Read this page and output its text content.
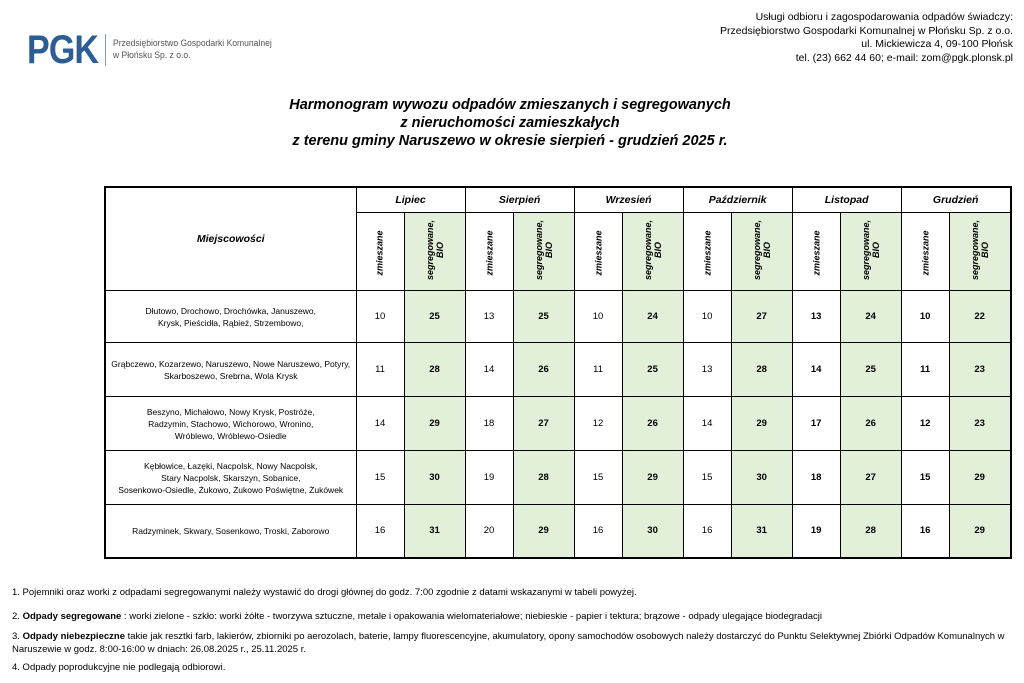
PGK Przedsiębiorstwo Gospodarki Komunalnej
w Płońsku Sp. z o.o.
Usługi odbioru i zagospodarowania odpadów świadczy:
Przedsiębiorstwo Gospodarki Komunalnej w Płońsku Sp. z o.o.
ul. Mickiewicza 4, 09-100 Płońsk
tel. (23) 662 44 60; e-mail: zom@pgk.plonsk.pl
Harmonogram wywozu odpadów zmieszanych i segregowanych
z nieruchomości zamieszkałych
z terenu gminy Naruszewo w okresie sierpień - grudzień 2025 r.
Miejscowości	Lipiec		Sierpień		Wrzesień		Październik		Listopad		Grudzień	
	zmieszane	segregowane, BIO	zmieszane	segregowane, BIO	zmieszane	segregowane, BIO	zmieszane	segregowane, BIO	zmieszane	segregowane, BIO	zmieszane	segregowane, BIO

Dłutowo, Drochowo, Drochówka, Januszewo,
Krysk, Pieścidła, Rąbież, Strzembowo,	10	25	13	25	10	24	10	27	13	24	10	22

Grąbczewo, Kozarzewo, Naruszewo, Nowe Naruszewo, Potyry,
Skarboszewo, Srebrna, Wola Krysk	11	28	14	26	11	25	13	28	14	25	11	23

Beszyno, Michałowo, Nowy Krysk, Postróże,
Radzymin, Stachowo, Wichorowo, Wronino,
Wróblewo, Wróblewo-Osiedle	14	29	18	27	12	26	14	29	17	26	12	23

Kębłowice, Łazęki, Nacpolsk, Nowy Nacpolsk,
Stary Nacpolsk, Skarszyn, Sobanice,
Sosenkowo-Osiedle, Żukowo, Żukowo Poświętne, Żukówek	15	30	19	28	15	29	15	30	18	27	15	29

Radzyminek, Skwary, Sosenkowo, Troski, Zaborowo	16	31	20	29	16	30	16	31	19	28	16	29

1. Pojemniki oraz worki z odpadami segregowanymi należy wystawić do drogi głównej do godz. 7:00 zgodnie z datami wskazanymi w tabeli powyżej.

2. Odpady segregowane : worki zielone - szkło: worki żółte - tworzywa sztuczne, metale i opakowania wielomateriałowe; niebieskie - papier i tektura; brązowe - odpady ulegające biodegradacji

3. Odpady niebezpieczne takie jak resztki farb, lakierów, zbiorniki po aerozolach, baterie, lampy fluorescencyjne, akumulatory, opony samochodów osobowych należy dostarczyć do Punktu Selektywnej Zbiórki Odpadów Komunalnych w Naruszewie w godz. 8:00-16:00 w dniach: 26.08.2025 r., 25.11.2025 r.

4. Odpady poprodukcyjne nie podlegają odbiorowi.
